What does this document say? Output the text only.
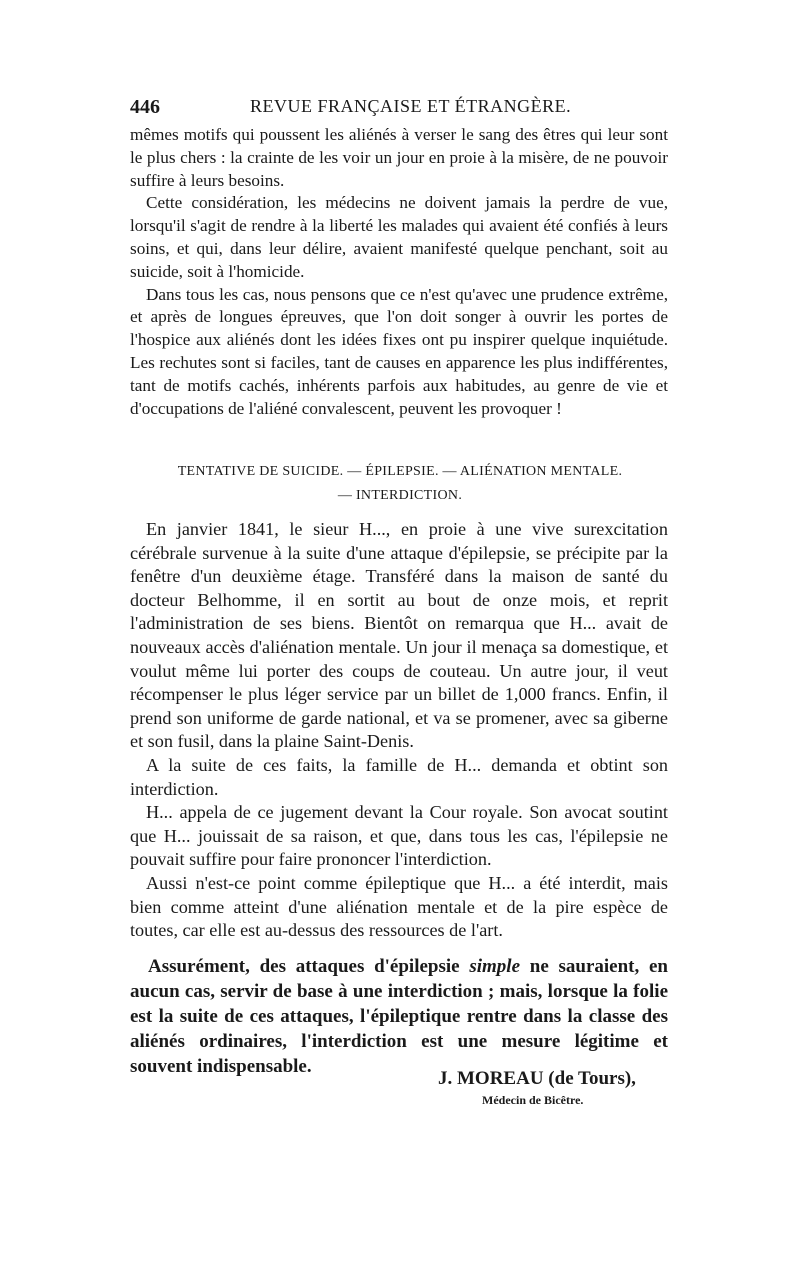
446	REVUE FRANÇAISE ET ÉTRANGÈRE.

mêmes motifs qui poussent les aliénés à verser le sang des êtres qui leur sont le plus chers : la crainte de les voir un jour en proie à la misère, de ne pouvoir suffire à leurs besoins.

Cette considération, les médecins ne doivent jamais la perdre de vue, lorsqu'il s'agit de rendre à la liberté les malades qui avaient été confiés à leurs soins, et qui, dans leur délire, avaient manifesté quelque penchant, soit au suicide, soit à l'homicide.

Dans tous les cas, nous pensons que ce n'est qu'avec une prudence extrême, et après de longues épreuves, que l'on doit songer à ouvrir les portes de l'hospice aux aliénés dont les idées fixes ont pu inspirer quelque inquiétude. Les rechutes sont si faciles, tant de causes en apparence les plus indifférentes, tant de motifs cachés, inhérents parfois aux habitudes, au genre de vie et d'occupations de l'aliéné convalescent, peuvent les provoquer !

TENTATIVE DE SUICIDE. — ÉPILEPSIE. — ALIÉNATION MENTALE.
— INTERDICTION.

En janvier 1841, le sieur H..., en proie à une vive surexcitation cérébrale survenue à la suite d'une attaque d'épilepsie, se précipite par la fenêtre d'un deuxième étage. Transféré dans la maison de santé du docteur Belhomme, il en sortit au bout de onze mois, et reprit l'administration de ses biens. Bientôt on remarqua que H... avait de nouveaux accès d'aliénation mentale. Un jour il menaça sa domestique, et voulut même lui porter des coups de couteau. Un autre jour, il veut récompenser le plus léger service par un billet de 1,000 francs. Enfin, il prend son uniforme de garde national, et va se promener, avec sa giberne et son fusil, dans la plaine Saint-Denis.

A la suite de ces faits, la famille de H... demanda et obtint son interdiction.

H... appela de ce jugement devant la Cour royale. Son avocat soutint que H... jouissait de sa raison, et que, dans tous les cas, l'épilepsie ne pouvait suffire pour faire prononcer l'interdiction.

Aussi n'est-ce point comme épileptique que H... a été interdit, mais bien comme atteint d'une aliénation mentale et de la pire espèce de toutes, car elle est au-dessus des ressources de l'art.

Assurément, des attaques d'épilepsie simple ne sauraient, en aucun cas, servir de base à une interdiction ; mais, lorsque la folie est la suite de ces attaques, l'épileptique rentre dans la classe des aliénés ordinaires, l'interdiction est une mesure légitime et souvent indispensable.

J. MOREAU (de Tours),
Médecin de Bicêtre.
